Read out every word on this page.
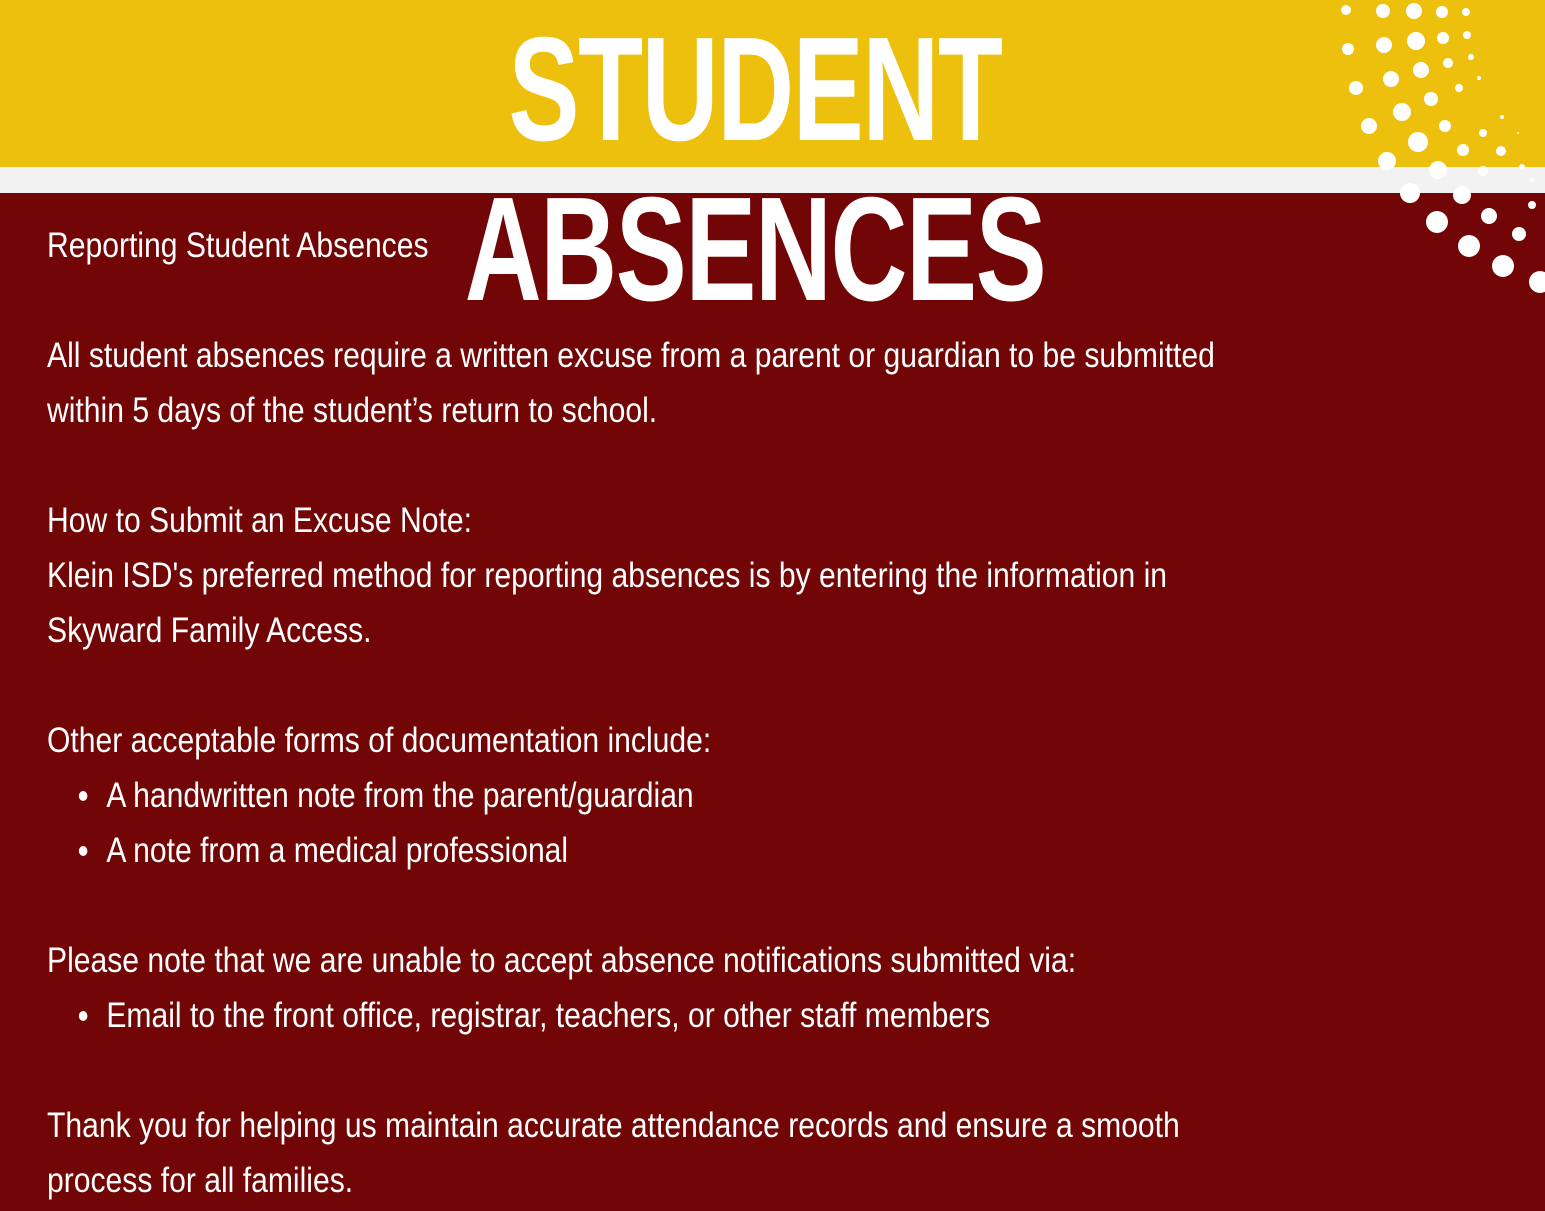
STUDENT ABSENCES

Reporting Student Absences

All student absences require a written excuse from a parent or guardian to be submitted

within 5 days of the student’s return to school.

How to Submit an Excuse Note:

Klein ISD's preferred method for reporting absences is by entering the information in

Skyward Family Access.

Other acceptable forms of documentation include:

A handwritten note from the parent/guardian
A note from a medical professional

Please note that we are unable to accept absence notifications submitted via:

Email to the front office, registrar, teachers, or other staff members

Thank you for helping us maintain accurate attendance records and ensure a smooth

process for all families.
